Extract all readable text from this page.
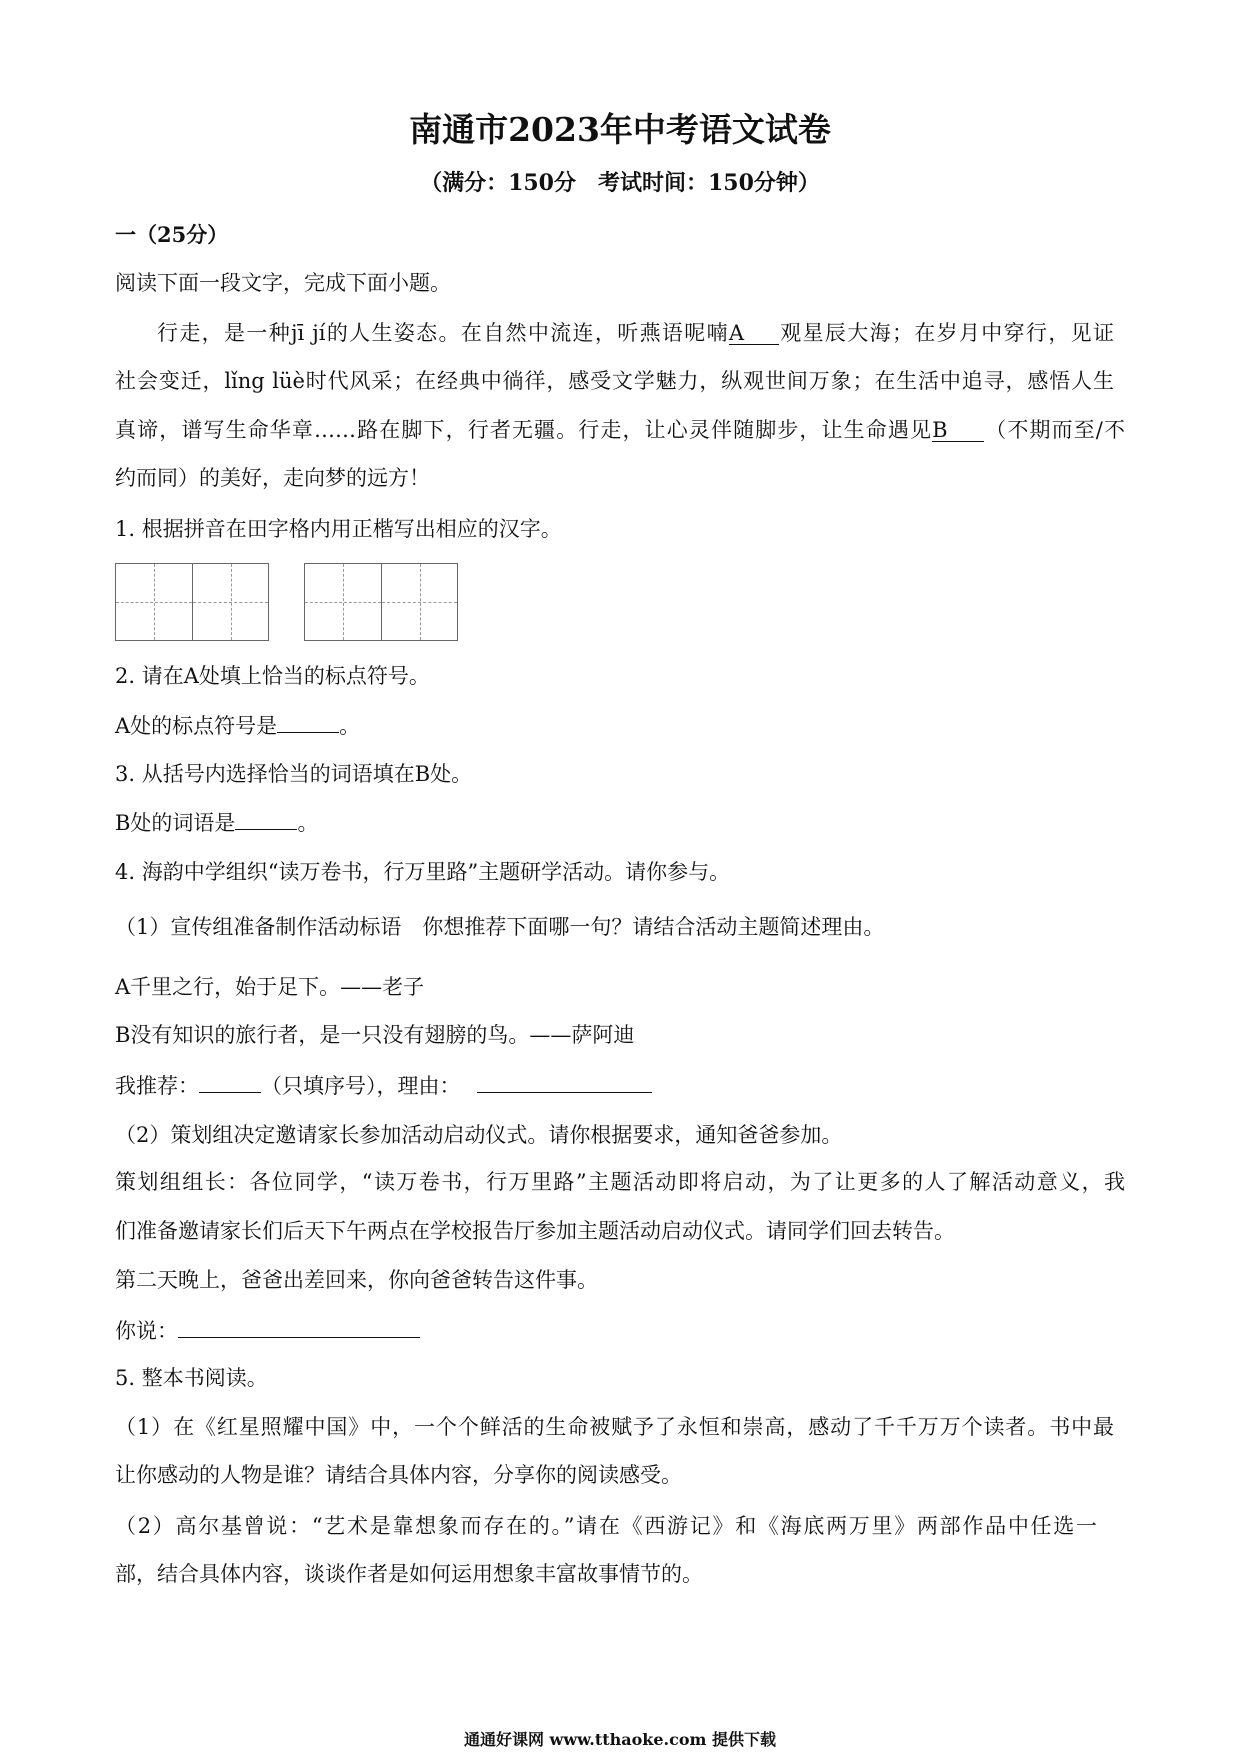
南通市2023年中考语文试卷
（满分：150分　考试时间：150分钟）
一（25分）
阅读下面一段文字，完成下面小题。
行走，是一种jī jí的人生姿态。在自然中流连，听燕语呢喃A 观星辰大海；在岁月中穿行，见证
社会变迁，lǐng lüè时代风采；在经典中徜徉，感受文学魅力，纵观世间万象；在生活中追寻，感悟人生
真谛，谱写生命华章……路在脚下，行者无疆。行走，让心灵伴随脚步，让生命遇见B （不期而至/不
约而同）的美好，走向梦的远方！
1. 根据拼音在田字格内用正楷写出相应的汉字。
2. 请在A处填上恰当的标点符号。
A处的标点符号是	。
3. 从括号内选择恰当的词语填在B处。
B处的词语是	。
4. 海韵中学组织“读万卷书，行万里路”主题研学活动。请你参与。
（1）宣传组准备制作活动标语　你想推荐下面哪一句？请结合活动主题简述理由。
A千里之行，始于足下。——老子
B没有知识的旅行者，是一只没有翅膀的鸟。——萨阿迪
我推荐：	（只填序号），理由：
（2）策划组决定邀请家长参加活动启动仪式。请你根据要求，通知爸爸参加。
策划组组长：各位同学，“读万卷书，行万里路”主题活动即将启动，为了让更多的人了解活动意义，我
们准备邀请家长们后天下午两点在学校报告厅参加主题活动启动仪式。请同学们回去转告。
第二天晚上，爸爸出差回来，你向爸爸转告这件事。
你说：
5. 整本书阅读。
（1）在《红星照耀中国》中，一个个鲜活的生命被赋予了永恒和崇高，感动了千千万万个读者。书中最
让你感动的人物是谁？请结合具体内容，分享你的阅读感受。
（2）高尔基曾说：“艺术是靠想象而存在的。”请在《西游记》和《海底两万里》两部作品中任选一
部，结合具体内容，谈谈作者是如何运用想象丰富故事情节的。
通通好课网 www.tthaoke.com 提供下载
